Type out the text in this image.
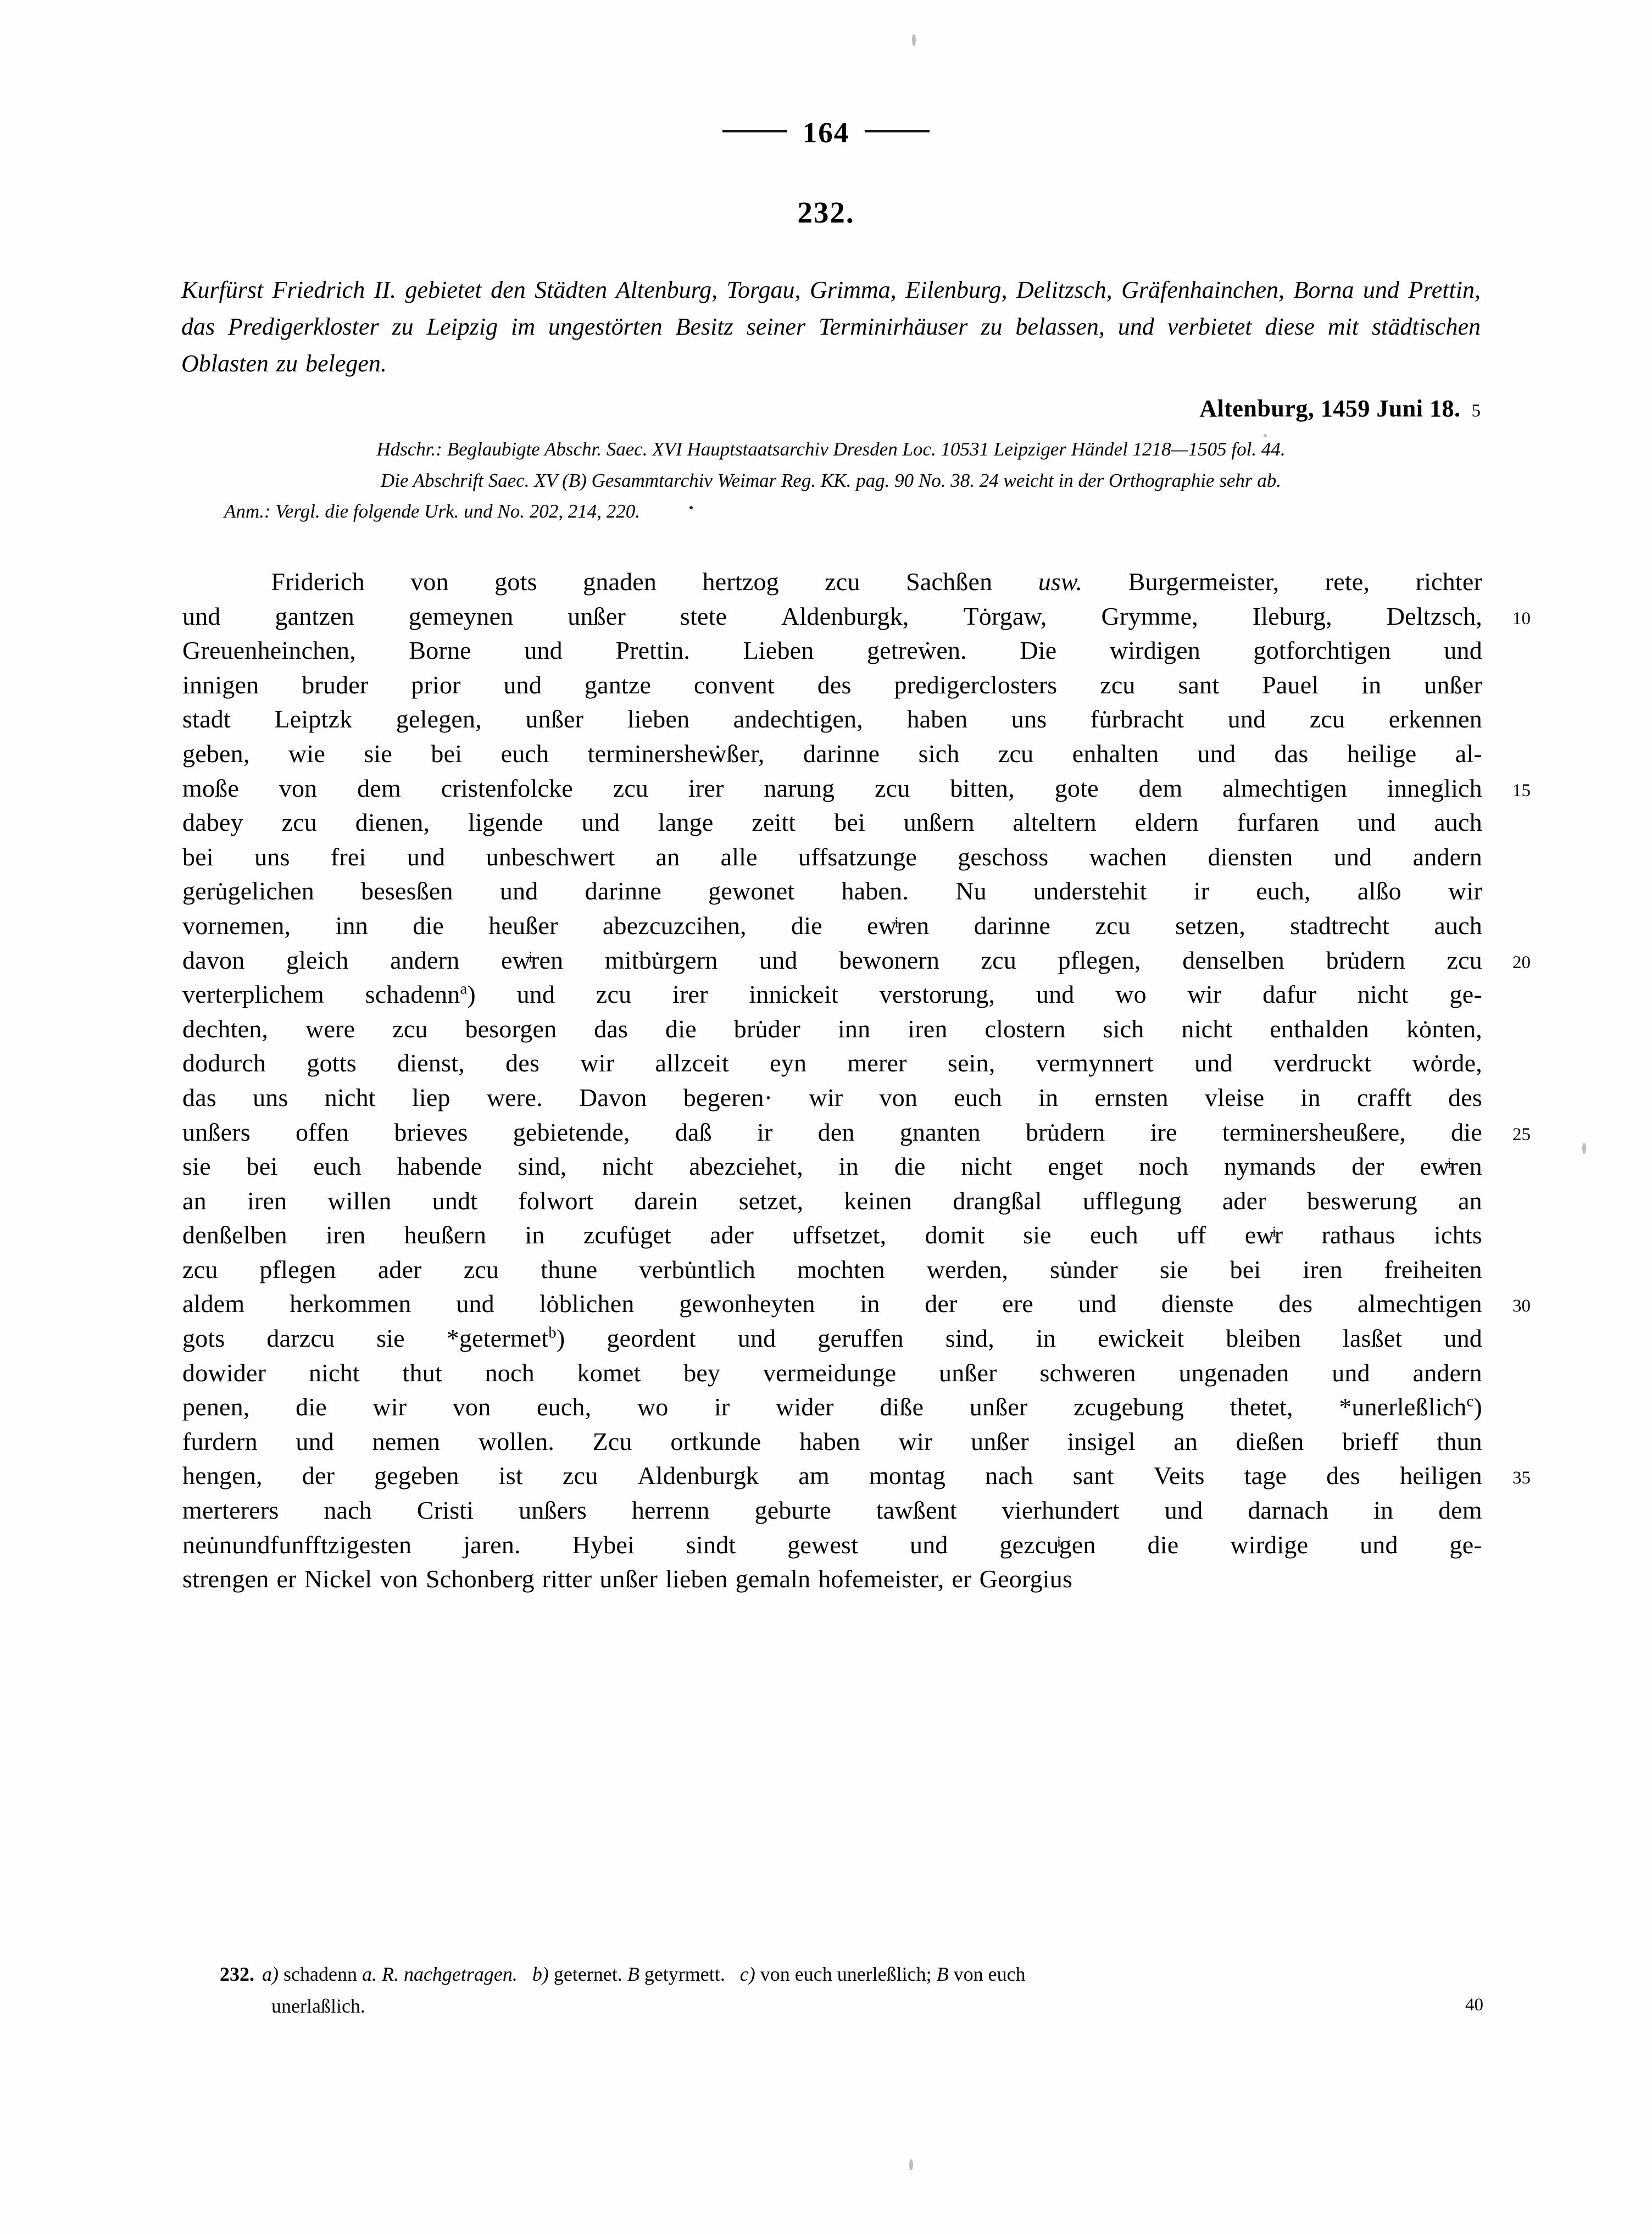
164
232.
Kurfürst Friedrich II. gebietet den Städten Altenburg, Torgau, Grimma, Eilenburg, Delitzsch, Gräfenhainchen, Borna und Prettin, das Predigerkloster zu Leipzig im ungestörten Besitz seiner Terminirhäuser zu belassen, und verbietet diese mit städtischen Oblasten zu belegen.
Altenburg, 1459 Juni 18. 5
Hdschr.: Beglaubigte Abschr. Saec. XVI Hauptstaatsarchiv Dresden Loc. 10531 Leipziger Händel 1218—1505 fol. 44.
Die Abschrift Saec. XV (B) Gesammtarchiv Weimar Reg. KK. pag. 90 No. 38. 24 weicht in der Orthographie sehr ab.
Anm.: Vergl. die folgende Urk. und No. 202, 214, 220.
Friderich von gots gnaden hertzog zcu Sachßen usw. Burgermeister, rete, richter
und gantzen gemeynen unßer stete Aldenburgk, Tȯrgaw, Grymme, Ileburg, Deltzsch, 10
Greuenheinchen, Borne und Prettin. Lieben getreẇen. Die wirdigen gotforchtigen und
innigen bruder prior und gantze convent des predigerclosters zcu sant Pauel in unßer
stadt Leiptzk gelegen, unßer lieben andechtigen, haben uns fu̇rbracht und zcu erkennen
geben, wie sie bei euch terminersheẇßer, darinne sich zcu enhalten und das heilige al-
moße von dem cristenfolcke zcu irer narung zcu bitten, gote dem almechtigen inneglich 15
dabey zcu dienen, ligende und lange zeitt bei unßern alteltern eldern furfaren und auch
bei uns frei und unbeschwert an alle uffsatzunge geschoss wachen diensten und andern
geru̇gelichen besesßen und darinne gewonet haben. Nu understehit ir euch, alßo wir
vornemen, inn die heußer abezcuzcihen, die ewͥren darinne zcu setzen, stadtrecht auch
davon gleich andern ewͥren mitbu̇rgern und bewonern zcu pflegen, denselben bru̇dern zcu 20
verterplichem schadenn$^a$) und zcu irer innickeit verstorung, und wo wir dafur nicht ge-
dechten, were zcu besorgen das die bru̇der inn iren clostern sich nicht enthalden kȯnten,
dodurch gotts dienst, des wir allzceit eyn merer sein, vermynnert und verdruckt wȯrde,
das uns nicht liep were. Davon begeren· wir von euch in ernsten vleise in crafft des
unßers offen brieves gebietende, daß ir den gnanten bru̇dern ire terminersheußere, die 25
sie bei euch habende sind, nicht abezciehet, in die nicht enget noch nymands der ewͥren
an iren willen undt folwort darein setzet, keinen drangßal ufflegung ader beswerung an
denßelben iren heußern in zcufu̇get ader uffsetzet, domit sie euch uff ewͥr rathaus ichts
zcu pflegen ader zcu thune verbu̇ntlich mochten werden, su̇nder sie bei iren freiheiten
aldem herkommen und lȯblichen gewonheyten in der ere und dienste des almechtigen 30
gots darzcu sie *getermet$^b$) geordent und geruffen sind, in ewickeit bleiben lasßet und
dowider nicht thut noch komet bey vermeidunge unßer schweren ungenaden und andern
penen, die wir von euch, wo ir wider diße unßer zcugebung thetet, *unerleßlich$^c$)
furdern und nemen wollen. Zcu ortkunde haben wir unßer insigel an dießen brieff thun
hengen, der gegeben ist zcu Aldenburgk am montag nach sant Veits tage des heiligen 35
merterers nach Cristi unßers herrenn geburte tawßent vierhundert und darnach in dem
neu̇nundfunfftzigesten jaren. Hybei sindt gewest und gezcuͥgen die wirdige und ge-
strengen er Nickel von Schonberg ritter unßer lieben gemaln hofemeister, er Georgius
232. a) schadenn a. R. nachgetragen. b) geternet. B getyrmett. c) von euch unerleßlich; B von euch
unerlaßlich.	40
